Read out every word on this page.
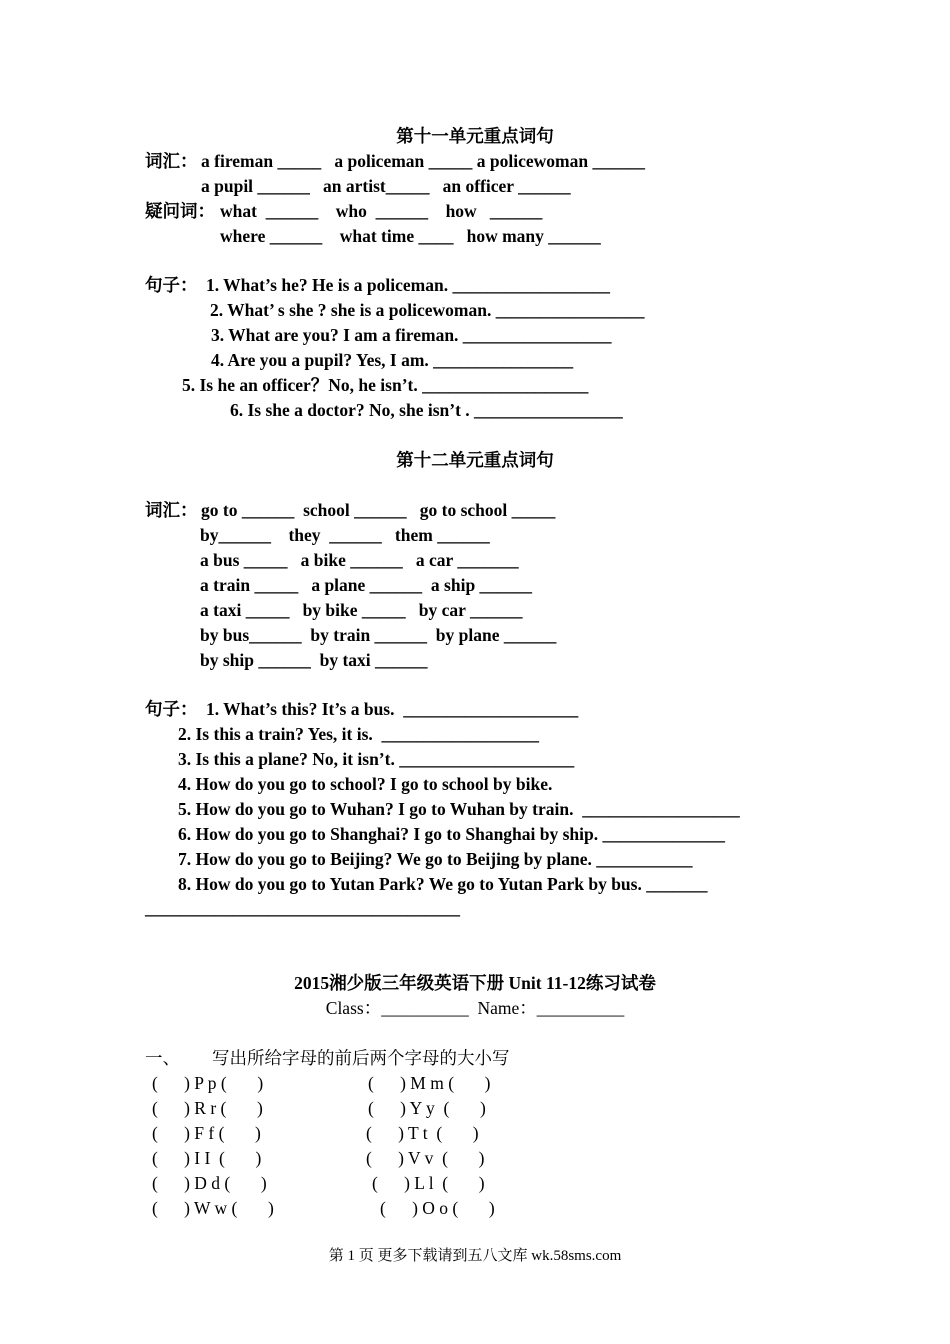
第十一单元重点词句
词汇： a fireman _____   a policeman _____ a policewoman ______
a pupil ______   an artist_____   an officer ______
疑问词： what  ______    who  ______    how   ______
where ______    what time ____   how many ______
句子： 1. What’s he? He is a policeman. __________________
2. What’ s she ? she is a policewoman. _________________
3. What are you? I am a fireman. _________________
4. Are you a pupil? Yes, I am. ________________
5. Is he an officer？No, he isn’t. ___________________
6. Is she a doctor? No, she isn’t . _________________
第十二单元重点词句
词汇： go to ______  school ______   go to school _____
by______    they  ______   them ______
a bus _____   a bike ______   a car _______
a train _____   a plane ______  a ship ______
a taxi _____   by bike _____   by car ______
by bus______  by train ______  by plane ______
by ship ______  by taxi ______
句子： 1. What’s this? It’s a bus.  ____________________
2. Is this a train? Yes, it is.  __________________
3. Is this a plane? No, it isn’t. ____________________
4. How do you go to school? I go to school by bike.
5. How do you go to Wuhan? I go to Wuhan by train.  __________________
6. How do you go to Shanghai? I go to Shanghai by ship. ______________
7. How do you go to Beijing? We go to Beijing by plane. ___________
8. How do you go to Yutan Park? We go to Yutan Park by bus. _______
____________________________________
2015湘少版三年级英语下册 Unit 11-12练习试卷
Class：__________  Name：__________
一、 写出所给字母的前后两个字母的大小写
(      ) P p (       )
(      ) R r (       )
(      ) F f (       )
(      ) I I  (       )
(      ) D d (       )
(      ) W w (       )
(      ) M m (       )
(      ) Y y  (       )
(      ) T t  (       )
(      ) V v  (       )
(      ) L l  (       )
(      ) O o (       )
第 1 页 更多下载请到五八文库 wk.58sms.com
